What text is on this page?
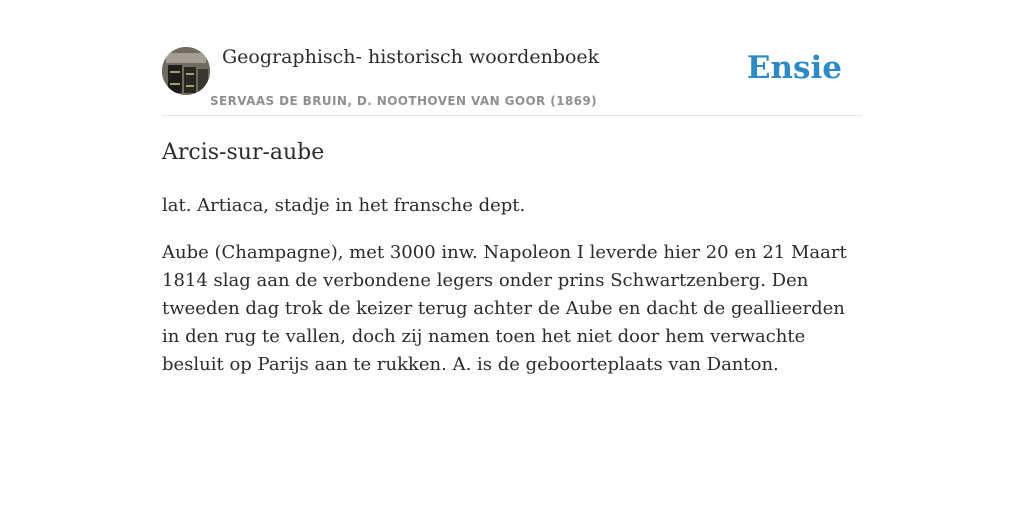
Geographisch- historisch woordenboek
SERVAAS DE BRUIN, D. NOOTHOVEN VAN GOOR (1869)
Ensie
Arcis-sur-aube

lat. Artiaca, stadje in het fransche dept.

Aube (Champagne), met 3000 inw. Napoleon I leverde hier 20 en 21 Maart 1814 slag aan de verbondene legers onder prins Schwartzenberg. Den tweeden dag trok de keizer terug achter de Aube en dacht de geallieerden in den rug te vallen, doch zij namen toen het niet door hem verwachte besluit op Parijs aan te rukken. A. is de geboorteplaats van Danton.
